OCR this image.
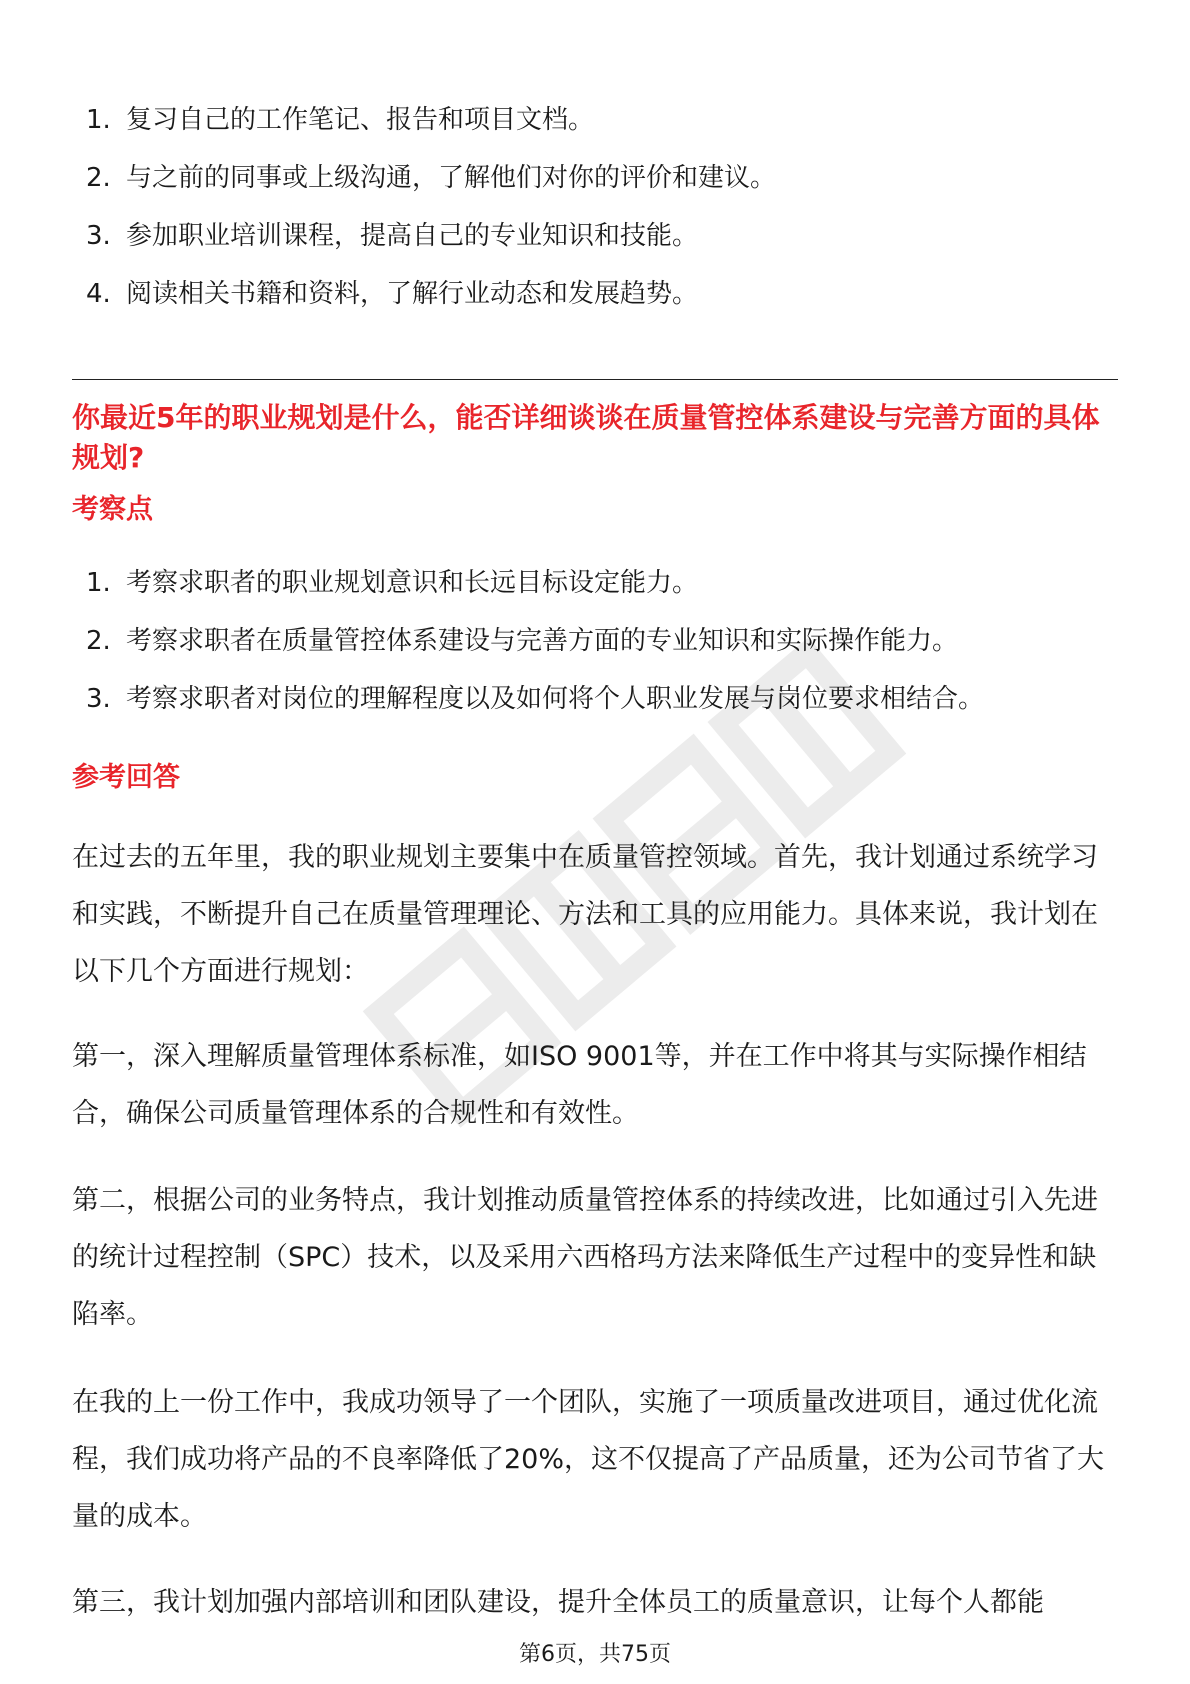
1. 复习自己的工作笔记、报告和项目文档。
2. 与之前的同事或上级沟通，了解他们对你的评价和建议。
3. 参加职业培训课程，提高自己的专业知识和技能。
4. 阅读相关书籍和资料，了解行业动态和发展趋势。
你最近5年的职业规划是什么，能否详细谈谈在质量管控体系建设与完善方面的具体规划?
考察点
1. 考察求职者的职业规划意识和长远目标设定能力。
2. 考察求职者在质量管控体系建设与完善方面的专业知识和实际操作能力。
3. 考察求职者对岗位的理解程度以及如何将个人职业发展与岗位要求相结合。
参考回答

在过去的五年里，我的职业规划主要集中在质量管控领域。首先，我计划通过系统学习和实践，不断提升自己在质量管理理论、方法和工具的应用能力。具体来说，我计划在以下几个方面进行规划：

第一，深入理解质量管理体系标准，如ISO 9001等，并在工作中将其与实际操作相结合，确保公司质量管理体系的合规性和有效性。

第二，根据公司的业务特点，我计划推动质量管控体系的持续改进，比如通过引入先进的统计过程控制（SPC）技术，以及采用六西格玛方法来降低生产过程中的变异性和缺陷率。

在我的上一份工作中，我成功领导了一个团队，实施了一项质量改进项目，通过优化流程，我们成功将产品的不良率降低了20%，这不仅提高了产品质量，还为公司节省了大量的成本。

第三，我计划加强内部培训和团队建设，提升全体员工的质量意识，让每个人都能

第6页，共75页
